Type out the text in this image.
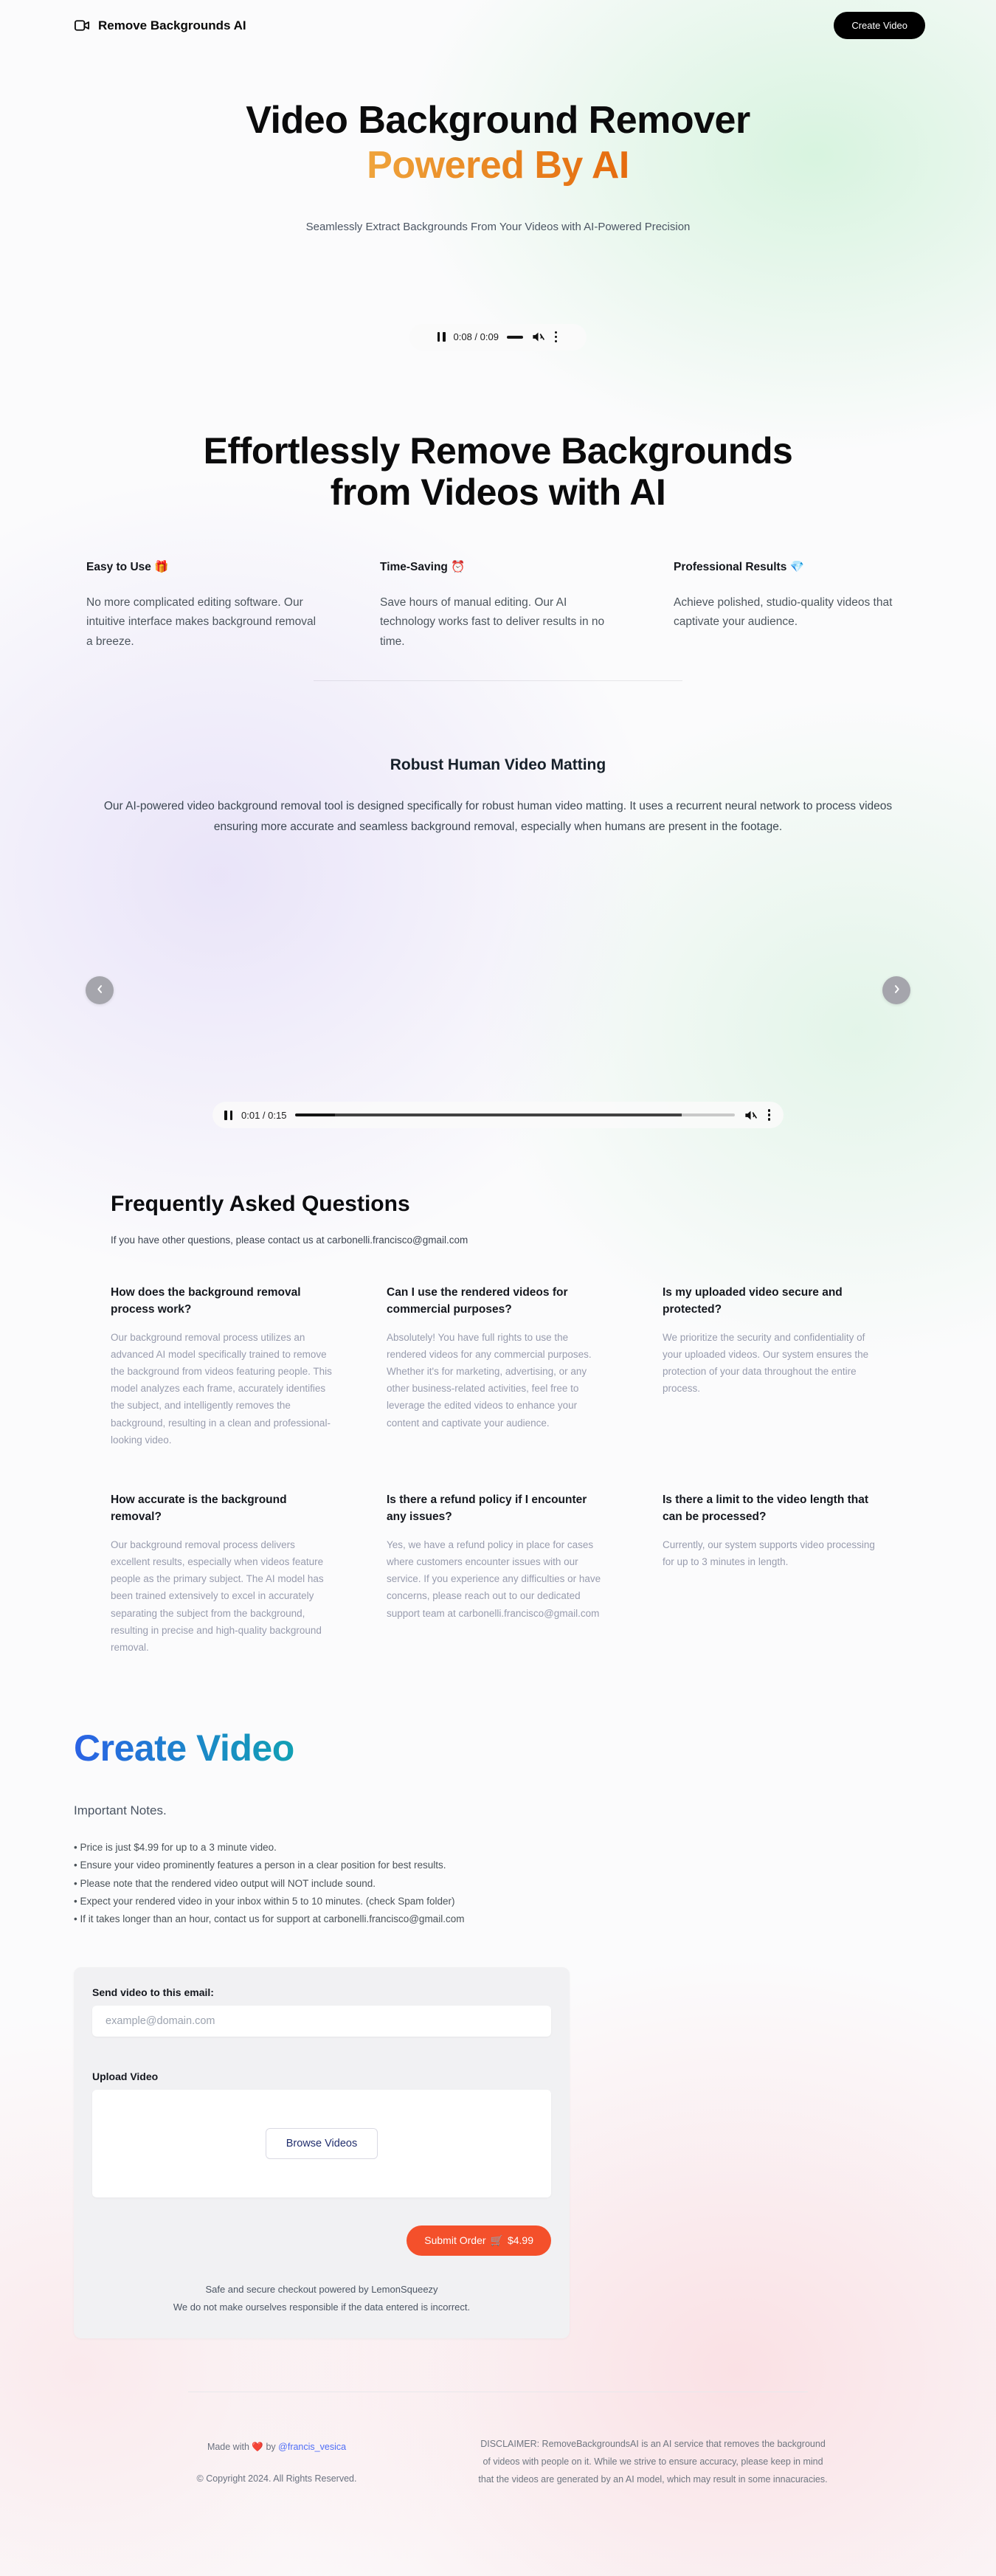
Remove Backgrounds AI	Create Video
Video Background Remover
Powered By AI

Seamlessly Extract Backgrounds From Your Videos with AI-Powered Precision

0:08 / 0:09
Effortlessly Remove Backgrounds
from Videos with AI
Easy to Use 🎁

No more complicated editing software. Our intuitive interface makes background removal a breeze.

Time-Saving ⏰

Save hours of manual editing. Our AI technology works fast to deliver results in no time.

Professional Results 💎

Achieve polished, studio-quality videos that captivate your audience.

Robust Human Video Matting

Our AI-powered video background removal tool is designed specifically for robust human video matting. It uses a recurrent neural network to process videos ensuring more accurate and seamless background removal, especially when humans are present in the footage.

0:01 / 0:15
Frequently Asked Questions

If you have other questions, please contact us at carbonelli.francisco@gmail.com

How does the background removal process work?

Our background removal process utilizes an advanced AI model specifically trained to remove the background from videos featuring people. This model analyzes each frame, accurately identifies the subject, and intelligently removes the background, resulting in a clean and professional-looking video.

Can I use the rendered videos for commercial purposes?

Absolutely! You have full rights to use the rendered videos for any commercial purposes. Whether it's for marketing, advertising, or any other business-related activities, feel free to leverage the edited videos to enhance your content and captivate your audience.

Is my uploaded video secure and protected?

We prioritize the security and confidentiality of your uploaded videos. Our system ensures the protection of your data throughout the entire process.

How accurate is the background removal?

Our background removal process delivers excellent results, especially when videos feature people as the primary subject. The AI model has been trained extensively to excel in accurately separating the subject from the background, resulting in precise and high-quality background removal.

Is there a refund policy if I encounter any issues?

Yes, we have a refund policy in place for cases where customers encounter issues with our service. If you experience any difficulties or have concerns, please reach out to our dedicated support team at carbonelli.francisco@gmail.com

Is there a limit to the video length that can be processed?

Currently, our system supports video processing for up to 3 minutes in length.

Create Video

Important Notes.

• Price is just $4.99 for up to a 3 minute video.
• Ensure your video prominently features a person in a clear position for best results.
• Please note that the rendered video output will NOT include sound.
• Expect your rendered video in your inbox within 5 to 10 minutes. (check Spam folder)
• If it takes longer than an hour, contact us for support at carbonelli.francisco@gmail.com
Send video to this email:
example@domain.com
Upload Video
Browse Videos
Submit Order 🛒 $4.99

Safe and secure checkout powered by LemonSqueezy
We do not make ourselves responsible if the data entered is incorrect.

Made with ❤️ by @francis_vesica

© Copyright 2024. All Rights Reserved.

DISCLAIMER: RemoveBackgroundsAI is an AI service that removes the background of videos with people on it. While we strive to ensure accuracy, please keep in mind that the videos are generated by an AI model, which may result in some innacuracies.
